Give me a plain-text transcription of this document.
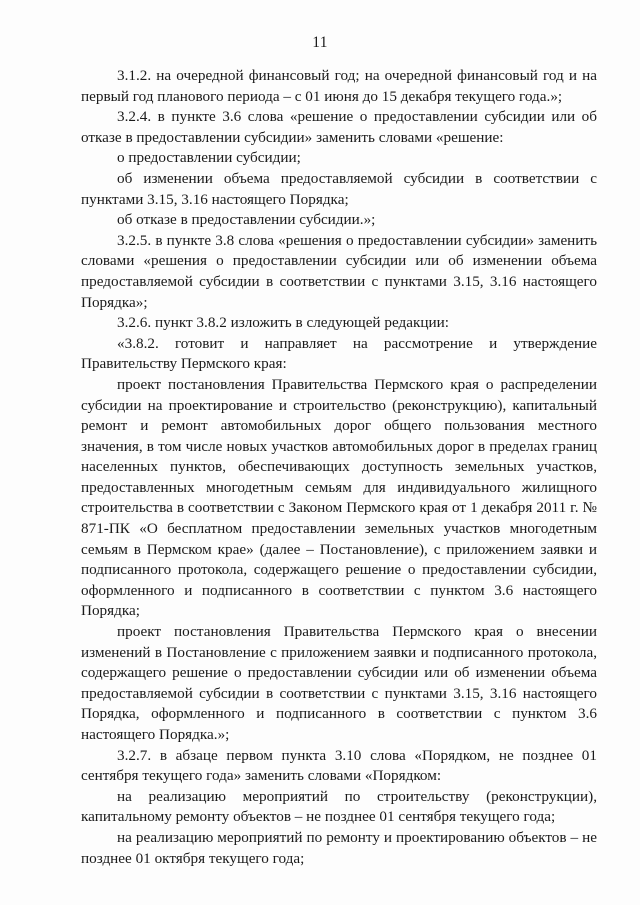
11

3.1.2. на очередной финансовый год; на очередной финансовый год и на первый год планового периода – с 01 июня до 15 декабря текущего года.»;

3.2.4. в пункте 3.6 слова «решение о предоставлении субсидии или об отказе в предоставлении субсидии» заменить словами «решение:

о предоставлении субсидии;

об изменении объема предоставляемой субсидии в соответствии с пунктами 3.15, 3.16 настоящего Порядка;

об отказе в предоставлении субсидии.»;

3.2.5. в пункте 3.8 слова «решения о предоставлении субсидии» заменить словами «решения о предоставлении субсидии или об изменении объема предоставляемой субсидии в соответствии с пунктами 3.15, 3.16 настоящего Порядка»;

3.2.6. пункт 3.8.2 изложить в следующей редакции:

«3.8.2. готовит и направляет на рассмотрение и утверждение Правительству Пермского края:

проект постановления Правительства Пермского края о распределении субсидии на проектирование и строительство (реконструкцию), капитальный ремонт и ремонт автомобильных дорог общего пользования местного значения, в том числе новых участков автомобильных дорог в пределах границ населенных пунктов, обеспечивающих доступность земельных участков, предоставленных многодетным семьям для индивидуального жилищного строительства в соответствии с Законом Пермского края от 1 декабря 2011 г. № 871-ПК «О бесплатном предоставлении земельных участков многодетным семьям в Пермском крае» (далее – Постановление), с приложением заявки и подписанного протокола, содержащего решение о предоставлении субсидии, оформленного и подписанного в соответствии с пунктом 3.6 настоящего Порядка;

проект постановления Правительства Пермского края о внесении изменений в Постановление с приложением заявки и подписанного протокола, содержащего решение о предоставлении субсидии или об изменении объема предоставляемой субсидии в соответствии с пунктами 3.15, 3.16 настоящего Порядка, оформленного и подписанного в соответствии с пунктом 3.6 настоящего Порядка.»;

3.2.7. в абзаце первом пункта 3.10 слова «Порядком, не позднее 01 сентября текущего года» заменить словами «Порядком:

на реализацию мероприятий по строительству (реконструкции), капитальному ремонту объектов – не позднее 01 сентября текущего года;

на реализацию мероприятий по ремонту и проектированию объектов – не позднее 01 октября текущего года;
